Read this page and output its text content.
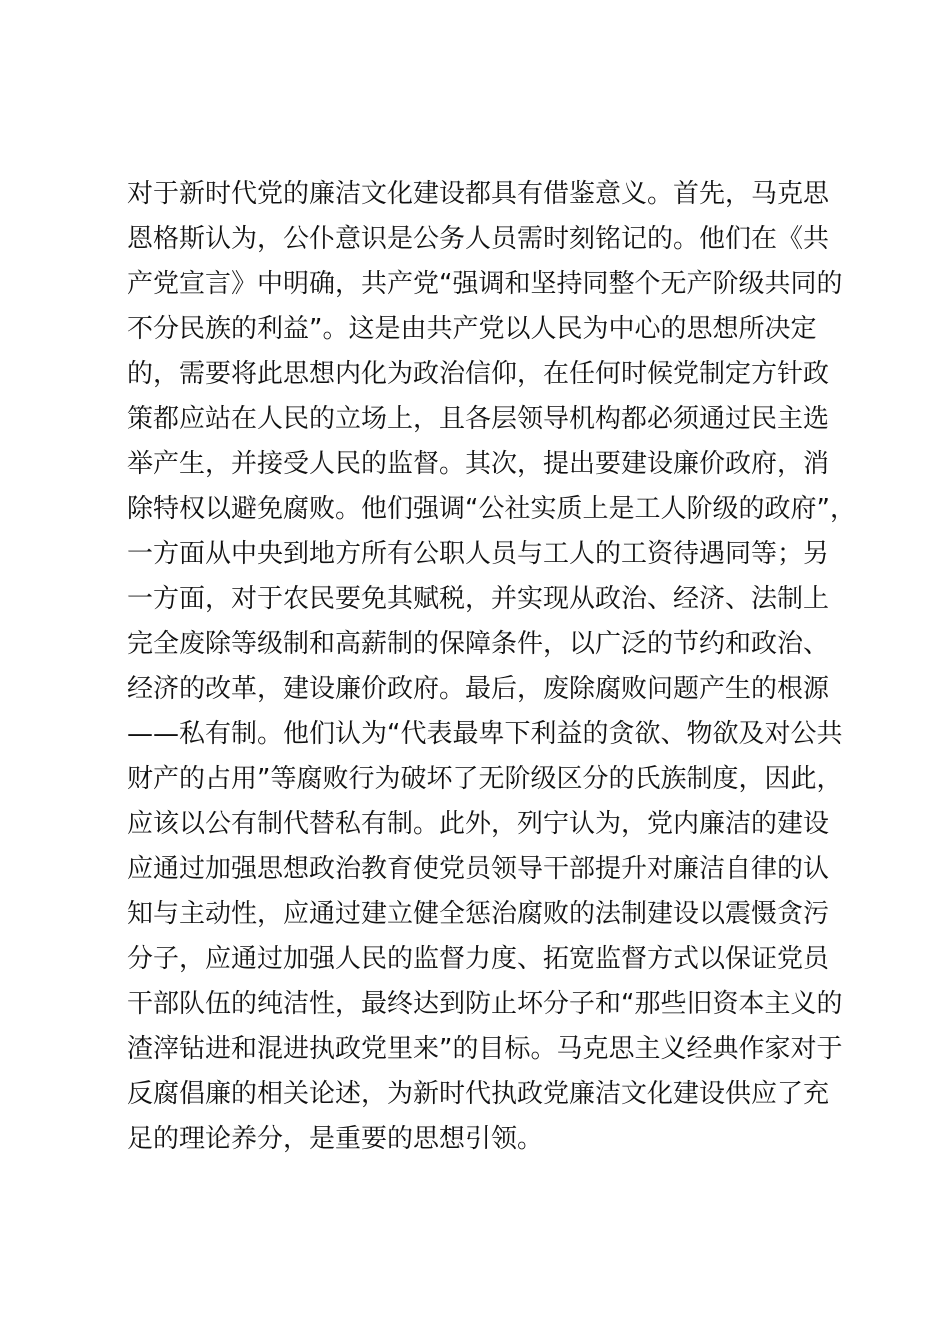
对于新时代党的廉洁文化建设都具有借鉴意义。首先，马克思
恩格斯认为，公仆意识是公务人员需时刻铭记的。他们在《共
产党宣言》中明确，共产党“强调和坚持同整个无产阶级共同的
不分民族的利益”。这是由共产党以人民为中心的思想所决定
的，需要将此思想内化为政治信仰，在任何时候党制定方针政
策都应站在人民的立场上，且各层领导机构都必须通过民主选
举产生，并接受人民的监督。其次，提出要建设廉价政府，消
除特权以避免腐败。他们强调“公社实质上是工人阶级的政府”，
一方面从中央到地方所有公职人员与工人的工资待遇同等；另
一方面，对于农民要免其赋税，并实现从政治、经济、法制上
完全废除等级制和高薪制的保障条件，以广泛的节约和政治、
经济的改革，建设廉价政府。最后，废除腐败问题产生的根源
——私有制。他们认为“代表最卑下利益的贪欲、物欲及对公共
财产的占用”等腐败行为破坏了无阶级区分的氏族制度，因此，
应该以公有制代替私有制。此外，列宁认为，党内廉洁的建设
应通过加强思想政治教育使党员领导干部提升对廉洁自律的认
知与主动性，应通过建立健全惩治腐败的法制建设以震慑贪污
分子，应通过加强人民的监督力度、拓宽监督方式以保证党员
干部队伍的纯洁性，最终达到防止坏分子和“那些旧资本主义的
渣滓钻进和混进执政党里来”的目标。马克思主义经典作家对于
反腐倡廉的相关论述，为新时代执政党廉洁文化建设供应了充
足的理论养分，是重要的思想引领。
